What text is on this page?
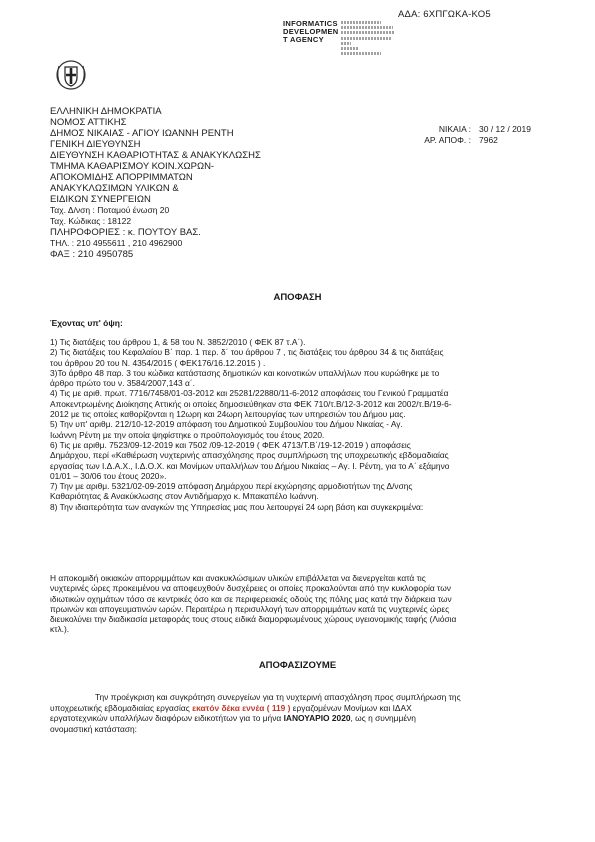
ΑΔΑ: 6ΧΠΓΩΚΑ-ΚΟ5
INFORMATICS
DEVELOPMEN
T AGENCY
ΕΛΛΗΝΙΚΗ ΔΗΜΟΚΡΑΤΙΑ
ΝΟΜΟΣ ΑΤΤΙΚΗΣ
ΔΗΜΟΣ ΝΙΚΑΙΑΣ - ΑΓΙΟΥ ΙΩΑΝΝΗ ΡΕΝΤΗ
ΓΕΝΙΚΗ ΔΙΕΥΘΥΝΣΗ
ΔΙΕΥΘΥΝΣΗ ΚΑΘΑΡΙΟΤΗΤΑΣ & ΑΝΑΚΥΚΛΩΣΗΣ
ΤΜΗΜΑ ΚΑΘΑΡΙΣΜΟΥ ΚΟΙΝ.ΧΩΡΩΝ-
ΑΠΟΚΟΜΙΔΗΣ ΑΠΟΡΡΙΜΜΑΤΩΝ
ΑΝΑΚΥΚΛΩΣΙΜΩΝ ΥΛΙΚΩΝ &
ΕΙΔΙΚΩΝ ΣΥΝΕΡΓΕΙΩΝ
Ταχ. Δ/νση : Ποταμού ένωση 20
Ταχ. Κώδικας : 18122
ΠΛΗΡΟΦΟΡΙΕΣ : κ. ΠΟΥΤΟΥ ΒΑΣ.
ΤΗΛ. : 210 4955611 , 210 4962900
ΦΑΞ : 210 4950785
ΝΙΚΑΙΑ : 30 / 12 / 2019
ΑΡ. ΑΠΟΦ. : 7962
ΑΠΟΦΑΣΗ
Έχοντας υπ' όψη:
1) Τις διατάξεις του άρθρου 1, & 58 του Ν. 3852/2010 ( ΦΕΚ 87 τ.Α΄).
2) Τις διατάξεις του Κεφαλαίου Β΄ παρ. 1 περ. δ΄ του άρθρου 7 , τις διατάξεις του άρθρου 34 & τις διατάξεις
του άρθρου 20 του Ν. 4354/2015 ( ΦΕΚ176/16.12.2015 ) .
3)Το άρθρο 48 παρ. 3 του κώδικα κατάστασης δημοτικών και κοινοτικών υπαλλήλων που κυρώθηκε με το
άρθρο πρώτο του ν. 3584/2007,143 α΄.
4) Τις με αριθ. πρωτ. 7716/7458/01-03-2012 και 25281/22880/11-6-2012 αποφάσεις του Γενικού Γραμματέα
Αποκεντρωμένης Διοίκησης Αττικής οι οποίες δημοσιεύθηκαν στα ΦΕΚ 710/τ.Β/12-3-2012 και 2002/τ.Β/19-6-
2012 με τις οποίες καθορίζονται η 12ωρη και 24ωρη λειτουργίας των υπηρεσιών του Δήμου μας.
5) Την υπ' αριθμ. 212/10-12-2019 απόφαση του Δημοτικού Συμβουλίου του Δήμου Νικαίας - Αγ.
Ιωάννη Ρέντη με την οποία ψηφίστηκε ο προϋπολογισμός του έτους 2020.
6) Τις με αριθμ. 7523/09-12-2019 και 7502 /09-12-2019 ( ΦΕΚ 4713/Τ.Β΄/19-12-2019 ) αποφάσεις
Δημάρχου, περί «Καθιέρωση νυχτερινής απασχόλησης προς συμπλήρωση της υποχρεωτικής εβδομαδιαίας
εργασίας των Ι.Δ.Α.Χ., Ι.Δ.Ο.Χ. και Μονίμων υπαλλήλων του Δήμου Νικαίας – Αγ. Ι. Ρέντη, για το Α΄ εξάμηνο
01/01 – 30/06 του έτους 2020».
7) Την με αριθμ. 5321/02-09-2019 απόφαση Δημάρχου περί εκχώρησης αρμοδιοτήτων της Δ/νσης
Καθαριότητας & Ανακύκλωσης στον Αντιδήμαρχο κ. Μπακαπέλο Ιωάννη.
8) Την ιδιαιτερότητα των αναγκών της Υπηρεσίας μας που λειτουργεί 24 ωρη βάση και συγκεκριμένα:
Η αποκομιδή οικιακών απορριμμάτων και ανακυκλώσιμων υλικών επιβάλλεται να διενεργείται κατά τις
νυχτερινές ώρες προκειμένου να αποφευχθούν δυσχέρειες οι οποίες προκαλούνται από την κυκλοφορία των
ιδιωτικών οχημάτων τόσο σε κεντρικές όσο και σε περιφερειακές οδούς της πόλης μας κατά την διάρκεια των
πρωινών και απογευματινών ωρών. Περαιτέρω η περισυλλογή των απορριμμάτων κατά τις νυχτερινές ώρες
διευκολύνει την διαδικασία μεταφοράς τους στους ειδικά διαμορφωμένους χώρους υγειονομικής ταφής (Λιόσια
κτλ.).
ΑΠΟΦΑΣΙΖΟΥΜΕ
Την προέγκριση και συγκρότηση συνεργείων για τη νυχτερινή απασχόληση προς συμπλήρωση της
υποχρεωτικής εβδομαδιαίας εργασίας εκατόν δέκα εννέα ( 119 ) εργαζομένων Μονίμων και ΙΔΑΧ
εργατοτεχνικών υπαλλήλων διαφόρων ειδικοτήτων για το μήνα ΙΑΝΟΥΑΡΙΟ 2020, ως η συνημμένη
ονομαστική κατάσταση:
